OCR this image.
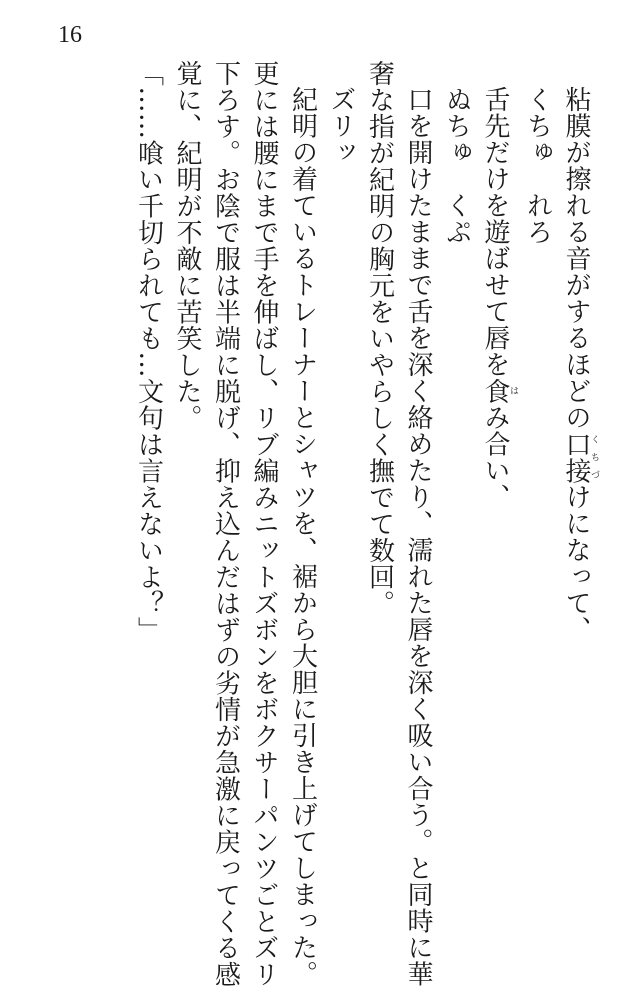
16

粘膜が擦れる音がするほどの口接くちづけになって、

くちゅ　れろ

舌先だけを遊ばせて唇を食はみ合い、

ぬちゅ　くぷ

口を開けたままで舌を深く絡めたり、濡れた唇を深く吸い合う。と同時に華

奢な指が紀明の胸元をいやらしく撫でて数回。

ズリッ

紀明の着ているトレーナーとシャツを、裾から大胆に引き上げてしまった。

更には腰にまで手を伸ばし、リブ編みニットズボンをボクサーパンツごとズリ

下ろす。お陰で服は半端に脱げ、抑え込んだはずの劣情が急激に戻ってくる感

覚に、紀明が不敵に苦笑した。

「……喰い千切られても…文句は言えないよ？」
